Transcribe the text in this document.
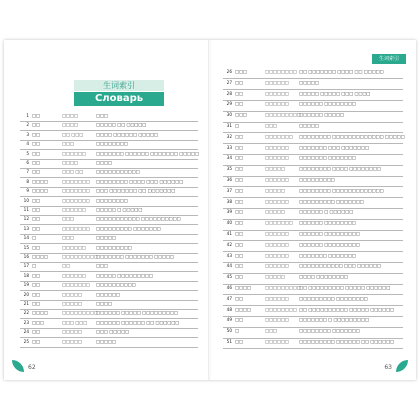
生词索引
Словарь
1 □□	□□□□	□□□
2 □□	□□□□	□□□□□ □□ □□□□□
3 □□	□□ □□□	□□□□ □□□□□□ □□□□□
4 □□	□□□	□□□□□□□□
5 □□	□□□□□□	□□□□□□□ □□□□□□ □□□□□□□ □□□□□
6 □□	□□□□	□□□□
7 □□	□□□ □□	□□□□□□□□□□□
8 □□□□	□□□□□□□	□□□□□□□□ □□□□ □□□ □□□□□□
9 □□□□	□□□□□□□	□□□ □□□□□□□ □□ □□□□□□□
10 □□	□□□□□□□	□□□□□□□□
11 □□	□□□□□□	□□□□□ □ □□□□□
12 □□	□□□	□□□□□□□□□□□ □□□□□□□□□□
13 □□	□□□□□□□	□□□□□□□□□ □□□□□□□
14 □	□□□	□□□□□
15 □□	□□□□□□	□□□□□□□□□
16 □□□□	□□□□□□□□□
□□□□□□□ □□□□□□□ □□□□□
17 □	□□	□□□
18 □□	□□□□□□	□□□□□ □□□□□□□□□
19 □□	□□□□□□□	□□□□□□□□□□
20 □□	□□□□□	□□□□□□
21 □□	□□□□□	□□□□
22 □□□□	□□□□□□□□□
□□□□□□ □□□□□ □□□□□□□□□
23 □□□	□□□ □□□	□□□□□□ □□□□□□ □□ □□□□□□
24 □□	□□□□□	□□□ □□□□□
25 □□	□□□□□	□□□□□
62
生词索引
26 □□□	□□□□□□□□ □□ □□□□□□□ □□□□ □□ □□□□□
27 □□	□□□□□□	□□□□□
28 □□	□□□□□□	□□□□□ □□□□□ □□□ □□□□
29 □□	□□□□□□	□□□□□□ □□□□□□□□
30 □□□	□□□□□□□□□
□□□□□□ □□□□□
31 □	□□□	□□□□□
32 □□	□□□□□□□	□□□□□□□□ □□□□□□□□□□□□□ □□□□□
33 □□	□□□□□□	□□□□□□□ □□□ □□□□□□□
34 □□	□□□□□□	□□□□□□□ □□□□□□□
35 □□	□□□□□	□□□□□□□□ □□□□ □□□□□□□□
36 □□	□□□□□□	□□□□□□□□□
37 □□	□□□□□	□□□□□□□□ □□□□□□□□□□□□□
38 □□	□□□□□□	□□□□□□□□□ □□□□□□□
39 □□	□□□□□	□□□□□□ □ □□□□□□
40 □□	□□□□□□□	□□□□□□ □□□□□□□□
41 □□	□□□□□□	□□□□□□ □□□□□□□□□
42 □□	□□□□□□	□□□□□□ □□□□□□□□□
43 □□	□□□□□□	□□□□□□□ □□□□□□□
44 □□	□□□□□□	□□□□□□□□□□□ □□□ □□□□□□
45 □□	□□□□□	□□□□ □□□□□□□□
46 □□□□	□□□□□□□□□
□□ □□□□□□□□□ □□□□□ □□□□□□
47 □□	□□□□□□	□□□□□□□□□ □□□□□□□□
48 □□□□	□□□□□□□□ □□ □□□□□□□□□□ □□□□□ □□□□□□
49 □□	□□□□□□	□□□□□□□ □ □□□□□□□□□
50 □	□□□	□□□□□□□□ □□□□□□□
51 □□	□□□□□□	□□□□□□□□□ □□□□□□ □□ □□□□□□
63
